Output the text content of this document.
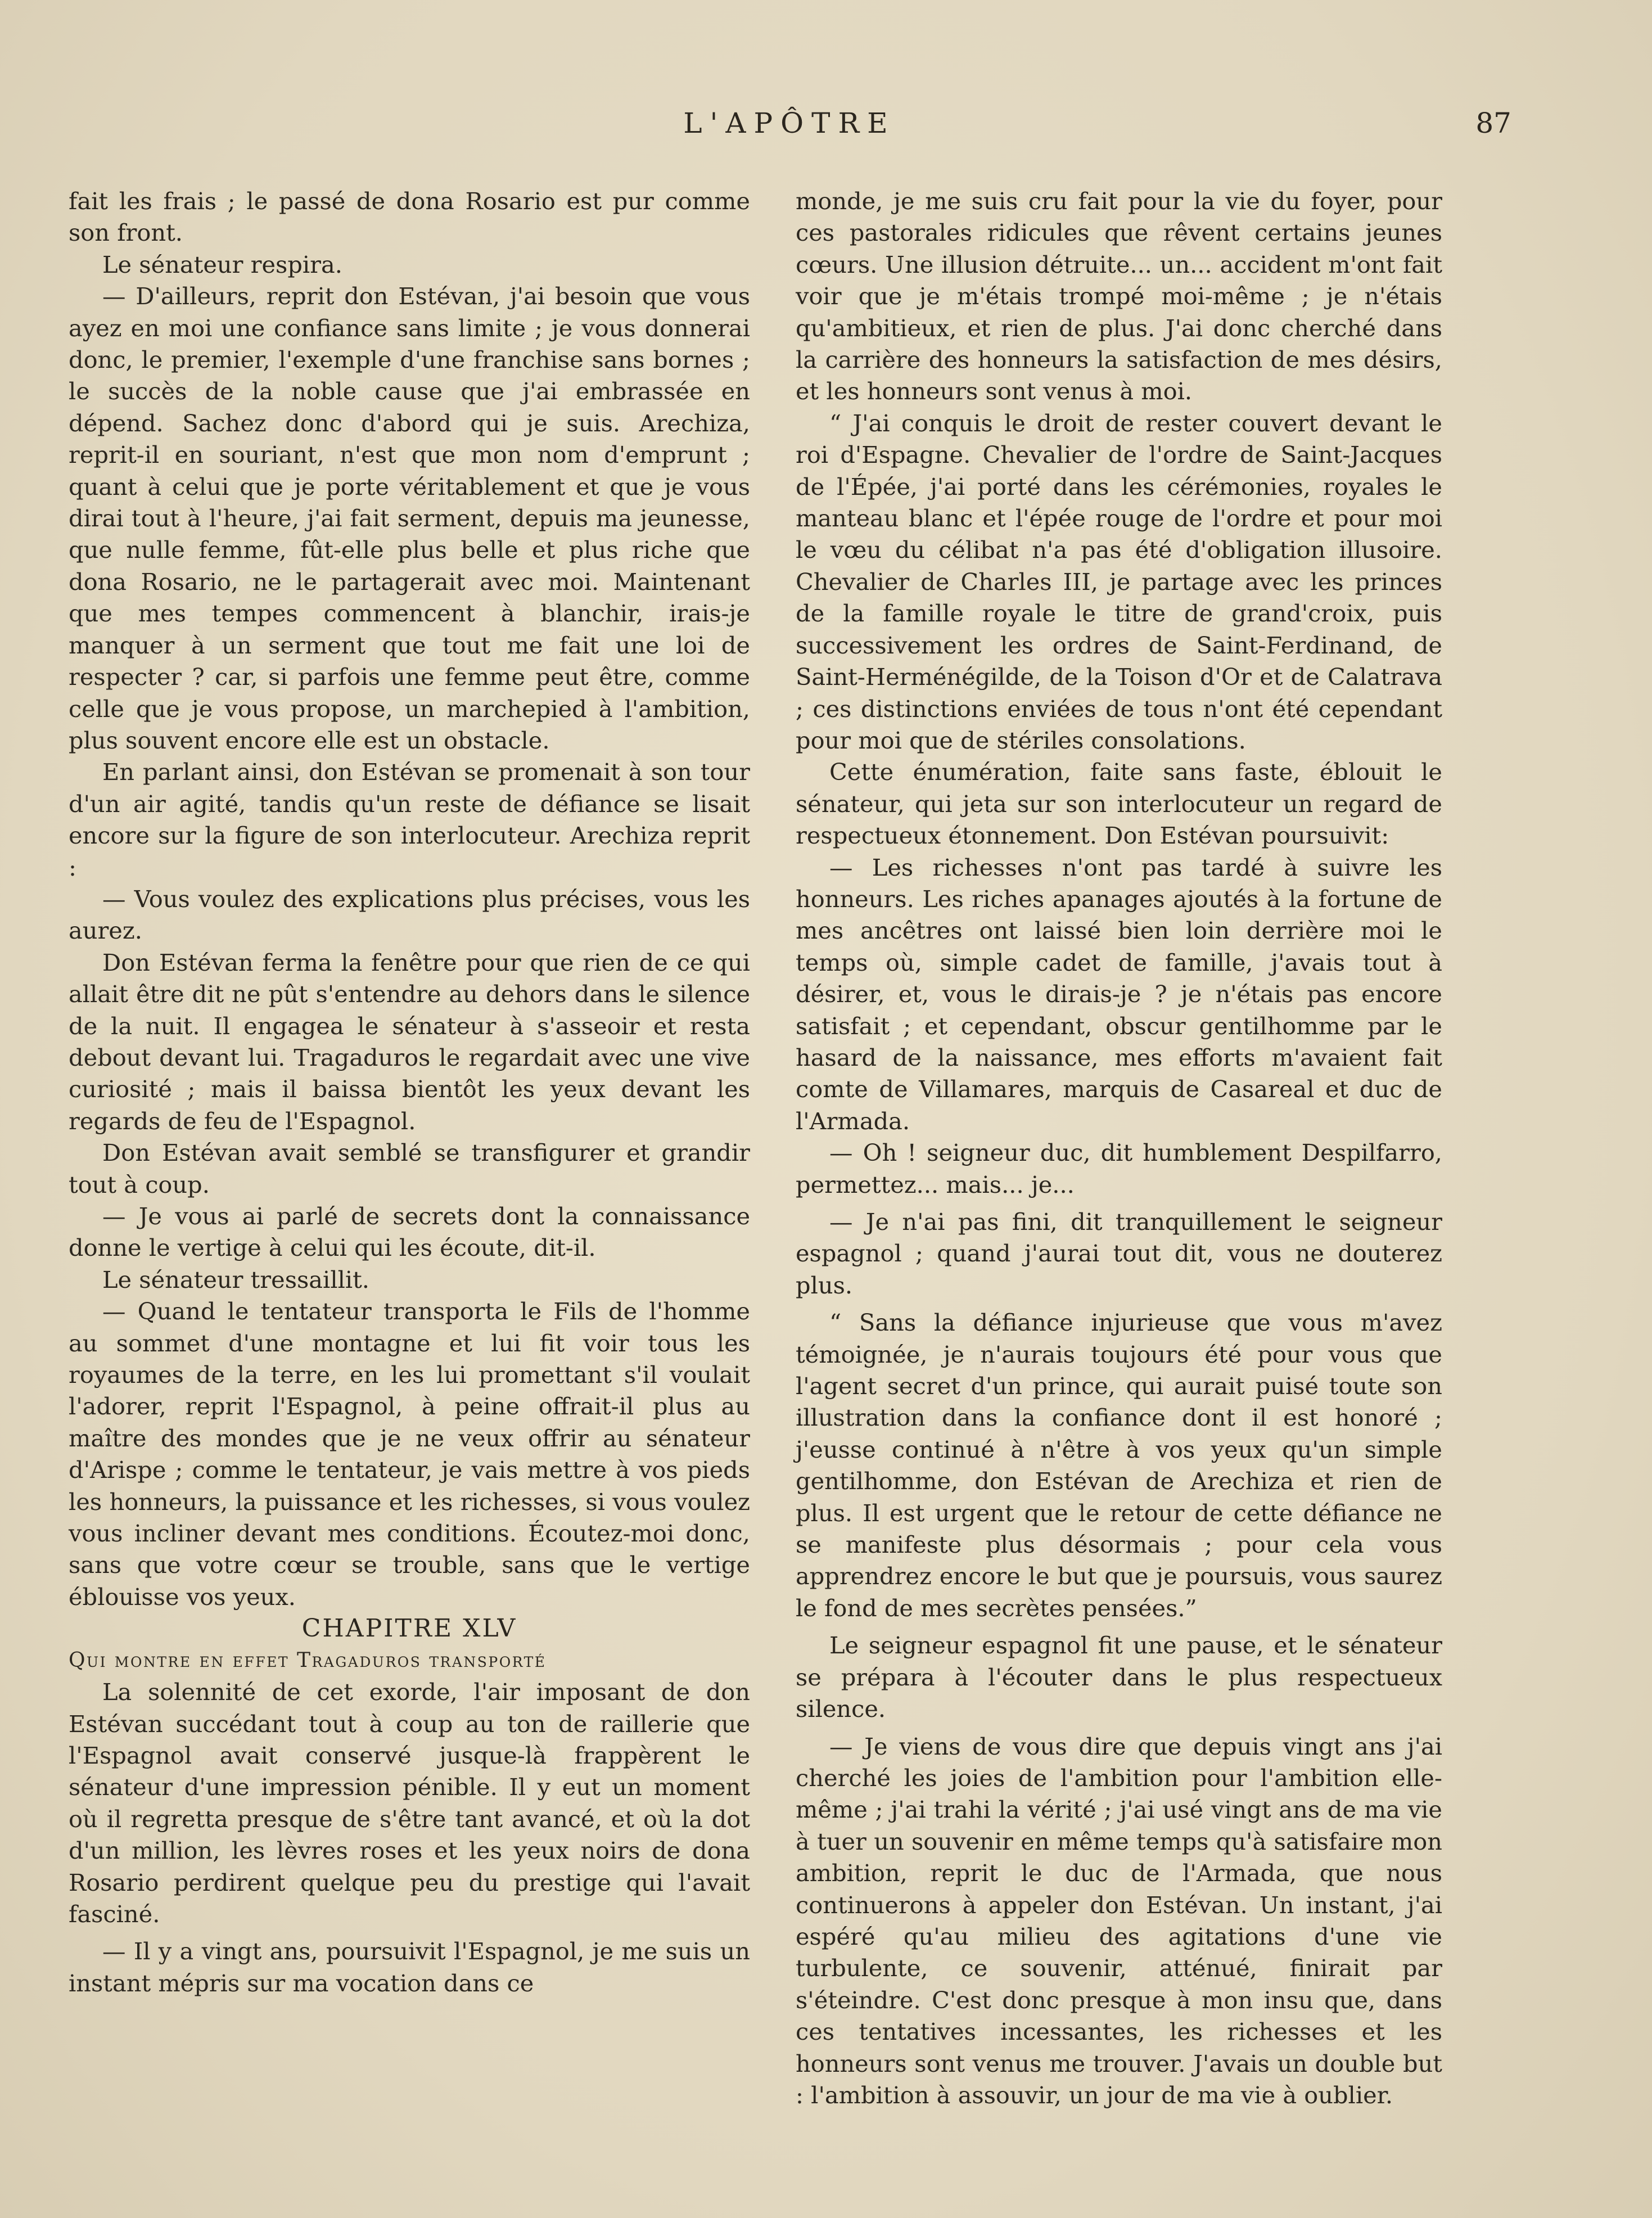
L'APÔTRE	87

fait les frais ; le passé de dona Rosario est pur comme son front.

Le sénateur respira.

— D'ailleurs, reprit don Estévan, j'ai besoin que vous ayez en moi une confiance sans limite ; je vous donnerai donc, le premier, l'exemple d'une franchise sans bornes ; le succès de la noble cause que j'ai embrassée en dépend. Sachez donc d'abord qui je suis. Arechiza, reprit-il en souriant, n'est que mon nom d'emprunt ; quant à celui que je porte véritablement et que je vous dirai tout à l'heure, j'ai fait serment, depuis ma jeunesse, que nulle femme, fût-elle plus belle et plus riche que dona Rosario, ne le partagerait avec moi. Maintenant que mes tempes commencent à blanchir, irais-je manquer à un serment que tout me fait une loi de respecter ? car, si parfois une femme peut être, comme celle que je vous propose, un marchepied à l'ambition, plus souvent encore elle est un obstacle.

En parlant ainsi, don Estévan se promenait à son tour d'un air agité, tandis qu'un reste de défiance se lisait encore sur la figure de son interlocuteur. Arechiza reprit :

— Vous voulez des explications plus précises, vous les aurez.

Don Estévan ferma la fenêtre pour que rien de ce qui allait être dit ne pût s'entendre au dehors dans le silence de la nuit. Il engagea le sénateur à s'asseoir et resta debout devant lui. Tragaduros le regardait avec une vive curiosité ; mais il baissa bientôt les yeux devant les regards de feu de l'Espagnol.

Don Estévan avait semblé se transfigurer et grandir tout à coup.

— Je vous ai parlé de secrets dont la connaissance donne le vertige à celui qui les écoute, dit-il.

Le sénateur tressaillit.

— Quand le tentateur transporta le Fils de l'homme au sommet d'une montagne et lui fit voir tous les royaumes de la terre, en les lui promettant s'il voulait l'adorer, reprit l'Espagnol, à peine offrait-il plus au maître des mondes que je ne veux offrir au sénateur d'Arispe ; comme le tentateur, je vais mettre à vos pieds les honneurs, la puissance et les richesses, si vous voulez vous incliner devant mes conditions. Écoutez-moi donc, sans que votre cœur se trouble, sans que le vertige éblouisse vos yeux.

CHAPITRE XLV

Qui montre en effet Tragaduros transporté

La solennité de cet exorde, l'air imposant de don Estévan succédant tout à coup au ton de raillerie que l'Espagnol avait conservé jusque-là frappèrent le sénateur d'une impression pénible. Il y eut un moment où il regretta presque de s'être tant avancé, et où la dot d'un million, les lèvres roses et les yeux noirs de dona Rosario perdirent quelque peu du prestige qui l'avait fasciné.

— Il y a vingt ans, poursuivit l'Espagnol, je me suis un instant mépris sur ma vocation dans ce

monde, je me suis cru fait pour la vie du foyer, pour ces pastorales ridicules que rêvent certains jeunes cœurs. Une illusion détruite... un... accident m'ont fait voir que je m'étais trompé moi-même ; je n'étais qu'ambitieux, et rien de plus. J'ai donc cherché dans la carrière des honneurs la satisfaction de mes désirs, et les honneurs sont venus à moi.

“ J'ai conquis le droit de rester couvert devant le roi d'Espagne. Chevalier de l'ordre de Saint-Jacques de l'Épée, j'ai porté dans les cérémonies, royales le manteau blanc et l'épée rouge de l'ordre et pour moi le vœu du célibat n'a pas été d'obligation illusoire. Chevalier de Charles III, je partage avec les princes de la famille royale le titre de grand'croix, puis successivement les ordres de Saint-Ferdinand, de Saint-Herménégilde, de la Toison d'Or et de Calatrava ; ces distinctions enviées de tous n'ont été cependant pour moi que de stériles consolations.

Cette énumération, faite sans faste, éblouit le sénateur, qui jeta sur son interlocuteur un regard de respectueux étonnement. Don Estévan poursuivit:

— Les richesses n'ont pas tardé à suivre les honneurs. Les riches apanages ajoutés à la fortune de mes ancêtres ont laissé bien loin derrière moi le temps où, simple cadet de famille, j'avais tout à désirer, et, vous le dirais-je ? je n'étais pas encore satisfait ; et cependant, obscur gentilhomme par le hasard de la naissance, mes efforts m'avaient fait comte de Villamares, marquis de Casareal et duc de l'Armada.

— Oh ! seigneur duc, dit humblement Despilfarro, permettez... mais... je...

— Je n'ai pas fini, dit tranquillement le seigneur espagnol ; quand j'aurai tout dit, vous ne douterez plus.

“ Sans la défiance injurieuse que vous m'avez témoignée, je n'aurais toujours été pour vous que l'agent secret d'un prince, qui aurait puisé toute son illustration dans la confiance dont il est honoré ; j'eusse continué à n'être à vos yeux qu'un simple gentilhomme, don Estévan de Arechiza et rien de plus. Il est urgent que le retour de cette défiance ne se manifeste plus désormais ; pour cela vous apprendrez encore le but que je poursuis, vous saurez le fond de mes secrètes pensées.”

Le seigneur espagnol fit une pause, et le sénateur se prépara à l'écouter dans le plus respectueux silence.

— Je viens de vous dire que depuis vingt ans j'ai cherché les joies de l'ambition pour l'ambition elle-même ; j'ai trahi la vérité ; j'ai usé vingt ans de ma vie à tuer un souvenir en même temps qu'à satisfaire mon ambition, reprit le duc de l'Armada, que nous continuerons à appeler don Estévan. Un instant, j'ai espéré qu'au milieu des agitations d'une vie turbulente, ce souvenir, atténué, finirait par s'éteindre. C'est donc presque à mon insu que, dans ces tentatives incessantes, les richesses et les honneurs sont venus me trouver. J'avais un double but : l'ambition à assouvir, un jour de ma vie à oublier.
